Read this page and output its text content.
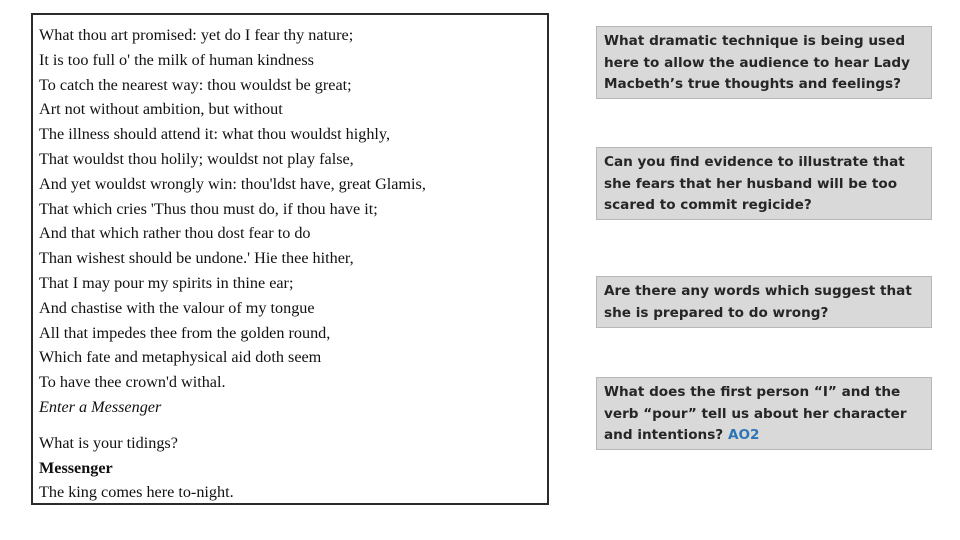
What thou art promised: yet do I fear thy nature;
It is too full o' the milk of human kindness
To catch the nearest way: thou wouldst be great;
Art not without ambition, but without
The illness should attend it: what thou wouldst highly,
That wouldst thou holily; wouldst not play false,
And yet wouldst wrongly win: thou'ldst have, great Glamis,
That which cries 'Thus thou must do, if thou have it;
And that which rather thou dost fear to do
Than wishest should be undone.' Hie thee hither,
That I may pour my spirits in thine ear;
And chastise with the valour of my tongue
All that impedes thee from the golden round,
Which fate and metaphysical aid doth seem
To have thee crown'd withal.
Enter a Messenger
What is your tidings?
Messenger
The king comes here to-night.
What dramatic technique is being used here to allow the audience to hear Lady Macbeth’s true thoughts and feelings?
Can you find evidence to illustrate that she fears that her husband will be too scared to commit regicide?
Are there any words which suggest that she is prepared to do wrong?
What does the first person “I” and the verb “pour” tell us about her character and intentions? AO2
